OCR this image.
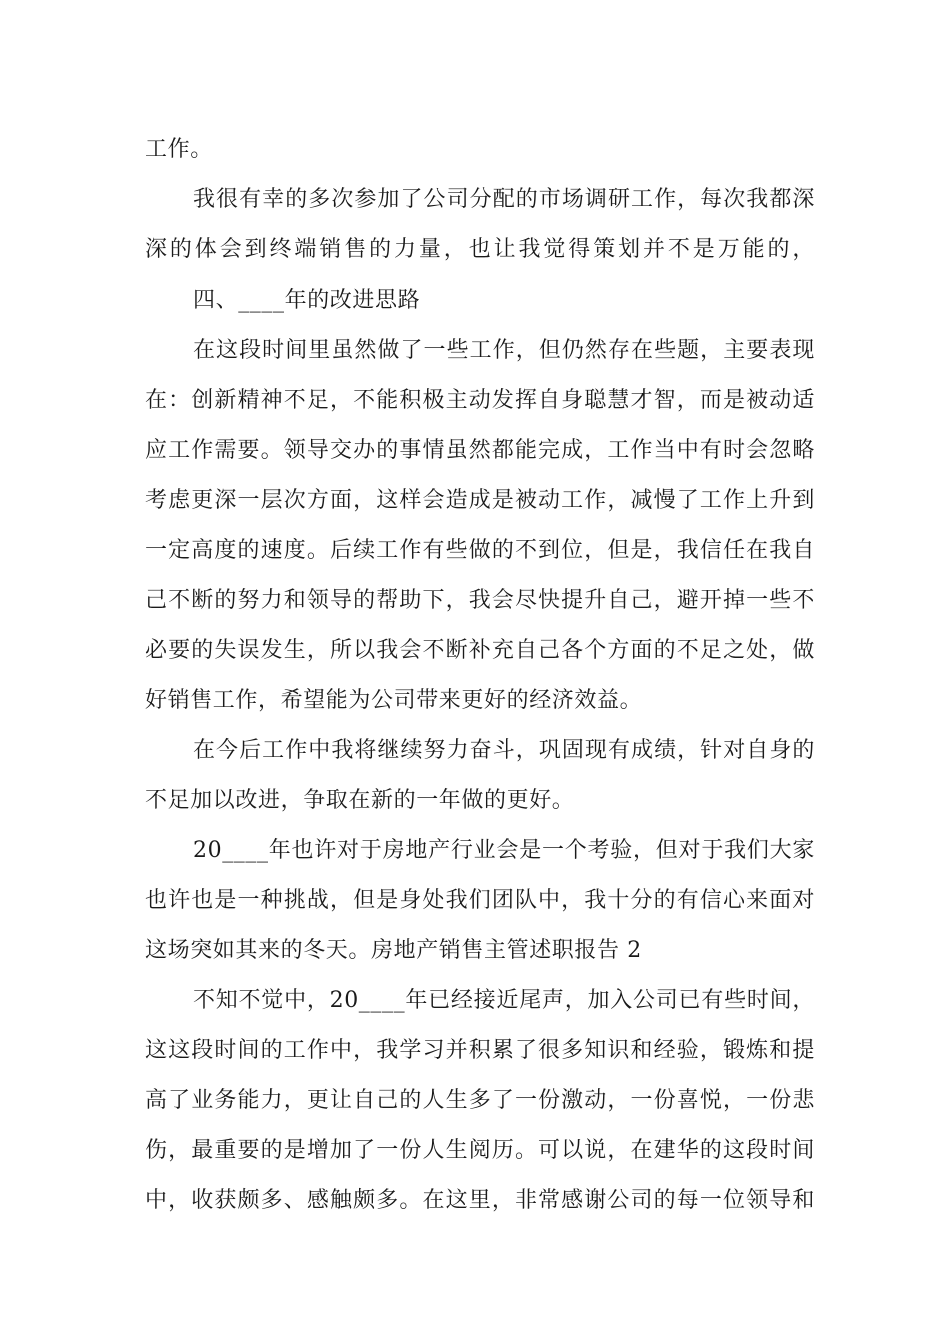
工作。
我很有幸的多次参加了公司分配的市场调研工作，每次我都深
深的体会到终端销售的力量，也让我觉得策划并不是万能的，
四、____年的改进思路
在这段时间里虽然做了一些工作，但仍然存在些题，主要表现
在：创新精神不足，不能积极主动发挥自身聪慧才智，而是被动适
应工作需要。领导交办的事情虽然都能完成，工作当中有时会忽略
考虑更深一层次方面，这样会造成是被动工作，减慢了工作上升到
一定高度的速度。后续工作有些做的不到位，但是，我信任在我自
己不断的努力和领导的帮助下，我会尽快提升自己，避开掉一些不
必要的失误发生，所以我会不断补充自己各个方面的不足之处，做
好销售工作，希望能为公司带来更好的经济效益。
在今后工作中我将继续努力奋斗，巩固现有成绩，针对自身的
不足加以改进，争取在新的一年做的更好。
20____年也许对于房地产行业会是一个考验，但对于我们大家
也许也是一种挑战，但是身处我们团队中，我十分的有信心来面对
这场突如其来的冬天。房地产销售主管述职报告 2
不知不觉中，20____年已经接近尾声，加入公司已有些时间，
这这段时间的工作中，我学习并积累了很多知识和经验，锻炼和提
高了业务能力，更让自己的人生多了一份激动，一份喜悦，一份悲
伤，最重要的是增加了一份人生阅历。可以说，在建华的这段时间
中，收获颇多、感触颇多。在这里，非常感谢公司的每一位领导和
